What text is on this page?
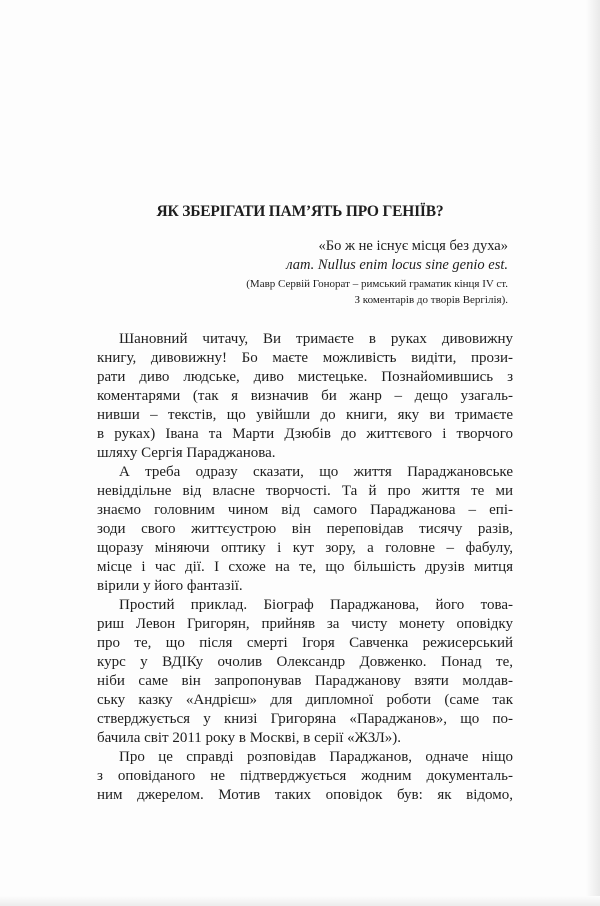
ЯК ЗБЕРІГАТИ ПАМ’ЯТЬ ПРО ГЕНІЇВ?
«Бо ж не існує місця без духа»
лат. Nullus enim locus sine genio est.
(Мавр Сервій Гонорат – римський граматик кінця IV ст.
З коментарів до творів Вергілія).
Шановний читачу, Ви тримаєте в руках дивовижну
книгу, дивовижну! Бо маєте можливість видіти, прози-
рати диво людське, диво мистецьке. Познайомившись з
коментарями (так я визначив би жанр – дещо узагаль-
нивши – текстів, що увійшли до книги, яку ви тримаєте
в руках) Івана та Марти Дзюбів до життєвого і творчого
шляху Сергія Параджанова.
А треба одразу сказати, що життя Параджановське
невіддільне від власне творчості. Та й про життя те ми
знаємо головним чином від самого Параджанова – епі-
зоди свого життєустрою він переповідав тисячу разів,
щоразу міняючи оптику і кут зору, а головне – фабулу,
місце і час дії. І схоже на те, що більшість друзів митця
вірили у його фантазії.
Простий приклад. Біограф Параджанова, його това-
риш Левон Григорян, прийняв за чисту монету оповідку
про те, що після смерті Ігоря Савченка режисерський
курс у ВДІКу очолив Олександр Довженко. Понад те,
ніби саме він запропонував Параджанову взяти молдав-
ську казку «Андрієш» для дипломної роботи (саме так
стверджується у книзі Григоряна «Параджанов», що по-
бачила світ 2011 року в Москві, в серії «ЖЗЛ»).
Про це справді розповідав Параджанов, одначе ніщо
з оповіданого не підтверджується жодним документаль-
ним джерелом. Мотив таких оповідок був: як відомо,
